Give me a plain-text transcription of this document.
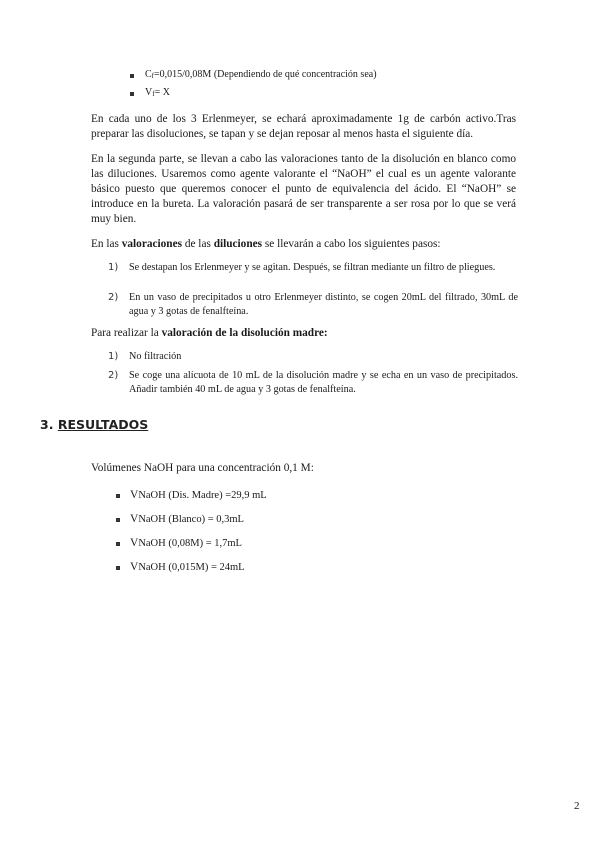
Cf=0,015/0,08M (Dependiendo de qué concentración sea)
Vf= X
En cada uno de los 3 Erlenmeyer, se echará aproximadamente 1g de carbón activo.Tras preparar las disoluciones, se tapan y se dejan reposar al menos hasta el siguiente día.
En la segunda parte, se llevan a cabo las valoraciones tanto de la disolución en blanco como las diluciones. Usaremos como agente valorante el “NaOH” el cual es un agente valorante básico puesto que queremos conocer el punto de equivalencia del ácido. El “NaOH” se introduce en la bureta. La valoración pasará de ser transparente a ser rosa por lo que se verá muy bien.
En las valoraciones de las diluciones se llevarán a cabo los siguientes pasos:
1)	Se destapan los Erlenmeyer y se agitan. Después, se filtran mediante un filtro de pliegues.
2)	En un vaso de precipitados u otro Erlenmeyer distinto, se cogen 20mL del filtrado, 30mL de agua y 3 gotas de fenalfteína.
Para realizar la valoración de la disolución madre:
1)	No filtración
2)	Se coge una alícuota de 10 mL de la disolución madre y se echa en un vaso de precipitados. Añadir también 40 mL de agua y 3 gotas de fenalfteína.
3. RESULTADOS
Volúmenes NaOH para una concentración 0,1 M:
VNaOH (Dis. Madre) =29,9 mL
VNaOH (Blanco) = 0,3mL
VNaOH (0,08M) = 1,7mL
VNaOH (0,015M) = 24mL
2
